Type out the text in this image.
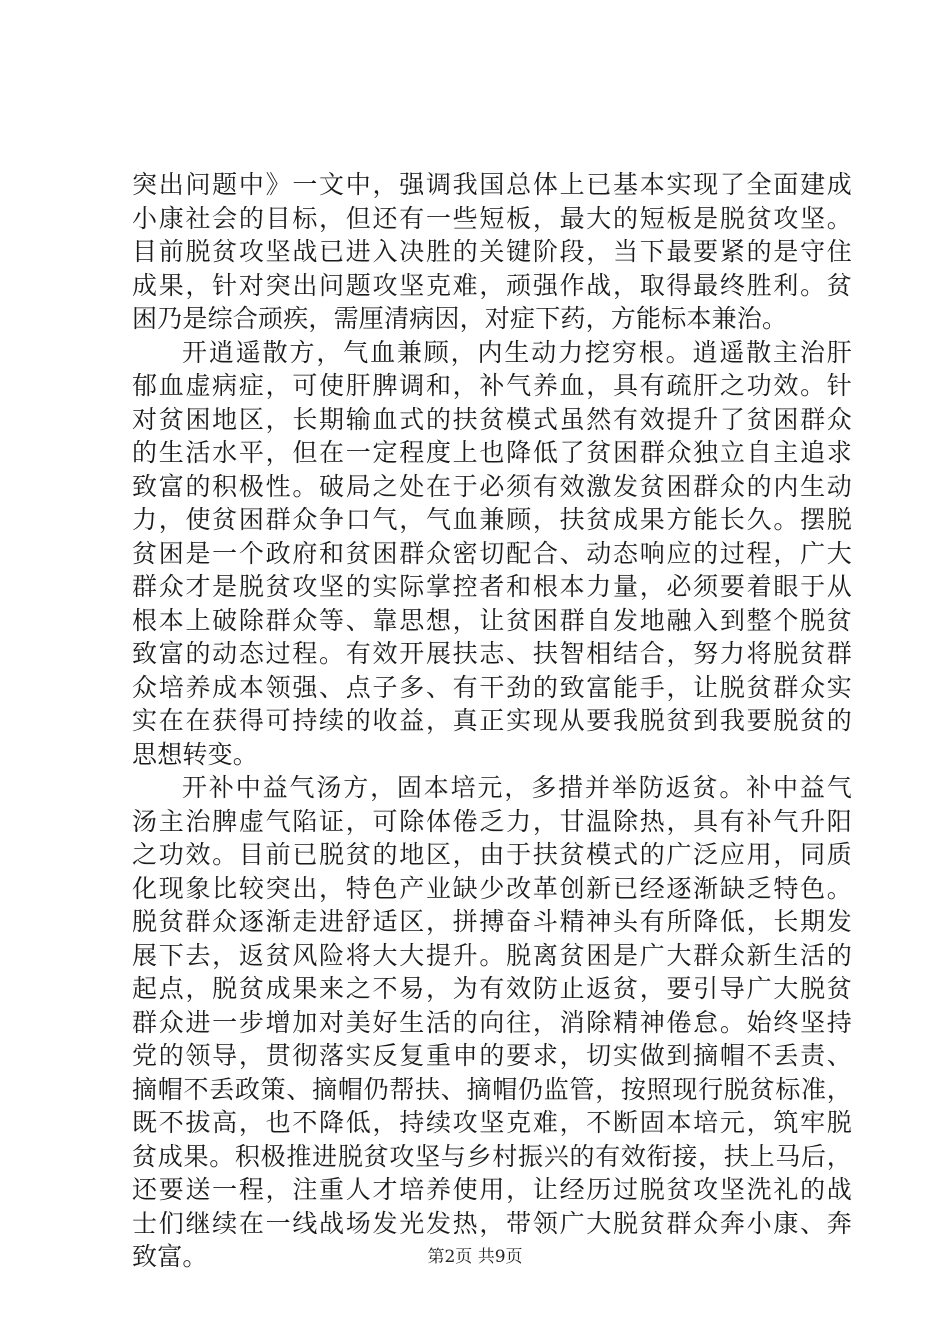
突出问题中》一文中，强调我国总体上已基本实现了全面建成
小康社会的目标，但还有一些短板，最大的短板是脱贫攻坚。
目前脱贫攻坚战已进入决胜的关键阶段，当下最要紧的是守住
成果，针对突出问题攻坚克难，顽强作战，取得最终胜利。贫
困乃是综合顽疾，需厘清病因，对症下药，方能标本兼治。
开逍遥散方，气血兼顾，内生动力挖穷根。逍遥散主治肝
郁血虚病症，可使肝脾调和，补气养血，具有疏肝之功效。针
对贫困地区，长期输血式的扶贫模式虽然有效提升了贫困群众
的生活水平，但在一定程度上也降低了贫困群众独立自主追求
致富的积极性。破局之处在于必须有效激发贫困群众的内生动
力，使贫困群众争口气，气血兼顾，扶贫成果方能长久。摆脱
贫困是一个政府和贫困群众密切配合、动态响应的过程，广大
群众才是脱贫攻坚的实际掌控者和根本力量，必须要着眼于从
根本上破除群众等、靠思想，让贫困群自发地融入到整个脱贫
致富的动态过程。有效开展扶志、扶智相结合，努力将脱贫群
众培养成本领强、点子多、有干劲的致富能手，让脱贫群众实
实在在获得可持续的收益，真正实现从要我脱贫到我要脱贫的
思想转变。
开补中益气汤方，固本培元，多措并举防返贫。补中益气
汤主治脾虚气陷证，可除体倦乏力，甘温除热，具有补气升阳
之功效。目前已脱贫的地区，由于扶贫模式的广泛应用，同质
化现象比较突出，特色产业缺少改革创新已经逐渐缺乏特色。
脱贫群众逐渐走进舒适区，拼搏奋斗精神头有所降低，长期发
展下去，返贫风险将大大提升。脱离贫困是广大群众新生活的
起点，脱贫成果来之不易，为有效防止返贫，要引导广大脱贫
群众进一步增加对美好生活的向往，消除精神倦怠。始终坚持
党的领导，贯彻落实反复重申的要求，切实做到摘帽不丢责、
摘帽不丢政策、摘帽仍帮扶、摘帽仍监管，按照现行脱贫标准，
既不拔高，也不降低，持续攻坚克难，不断固本培元，筑牢脱
贫成果。积极推进脱贫攻坚与乡村振兴的有效衔接，扶上马后，
还要送一程，注重人才培养使用，让经历过脱贫攻坚洗礼的战
士们继续在一线战场发光发热，带领广大脱贫群众奔小康、奔
致富。	第2页 共9页
